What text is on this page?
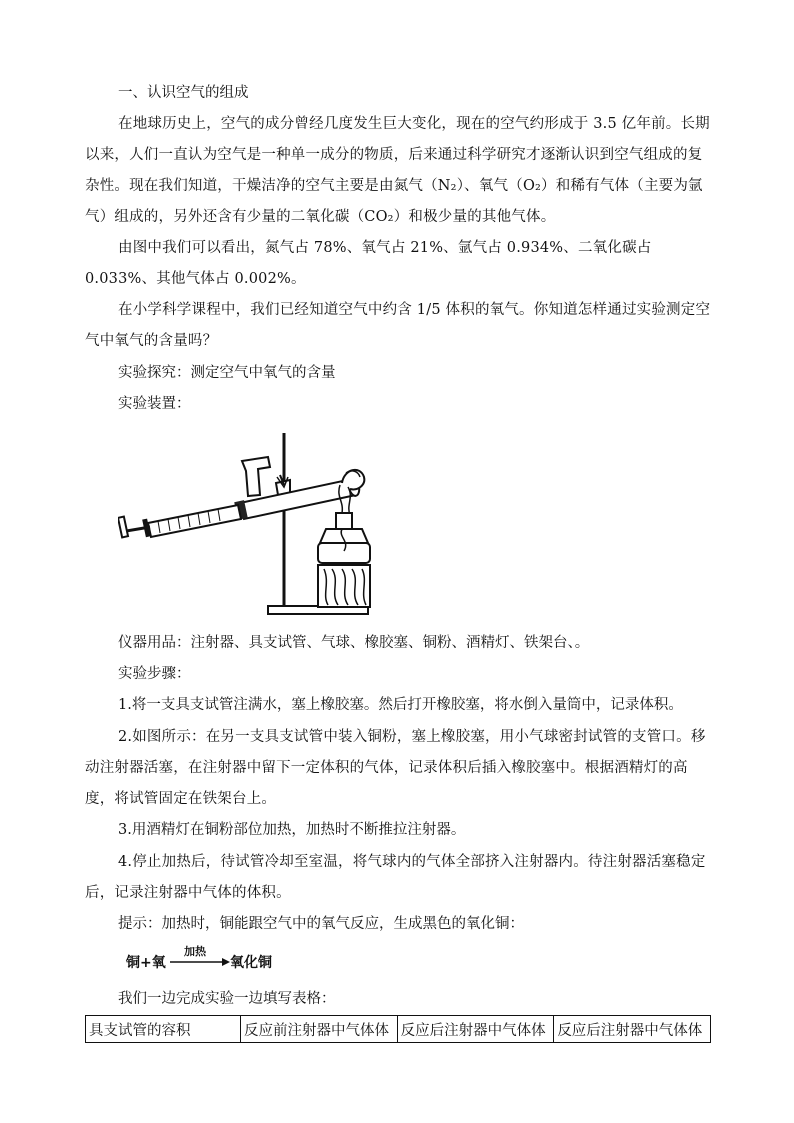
一、认识空气的组成

在地球历史上，空气的成分曾经几度发生巨大变化，现在的空气约形成于 3.5 亿年前。长期以来，人们一直认为空气是一种单一成分的物质，后来通过科学研究才逐渐认识到空气组成的复杂性。现在我们知道，干燥洁净的空气主要是由氮气（N₂）、氧气（O₂）和稀有气体（主要为氩气）组成的，另外还含有少量的二氧化碳（CO₂）和极少量的其他气体。

由图中我们可以看出，氮气占 78%、氧气占 21%、氩气占 0.934%、二氧化碳占 0.033%、其他气体占 0.002%。

在小学科学课程中，我们已经知道空气中约含 1/5 体积的氧气。你知道怎样通过实验测定空气中氧气的含量吗？

实验探究：测定空气中氧气的含量
实验装置：
仪器用品：注射器、具支试管、气球、橡胶塞、铜粉、酒精灯、铁架台、。
实验步骤：
1.将一支具支试管注满水，塞上橡胶塞。然后打开橡胶塞，将水倒入量筒中，记录体积。

2.如图所示：在另一支具支试管中装入铜粉，塞上橡胶塞，用小气球密封试管的支管口。移动注射器活塞，在注射器中留下一定体积的气体，记录体积后插入橡胶塞中。根据酒精灯的高度，将试管固定在铁架台上。

3.用酒精灯在铜粉部位加热，加热时不断推拉注射器。

4.停止加热后，待试管冷却至室温，将气球内的气体全部挤入注射器内。待注射器活塞稳定后，记录注射器中气体的体积。

提示：加热时，铜能跟空气中的氧气反应，生成黑色的氧化铜：
铜+氧
加热
→ 氧化铜
我们一边完成实验一边填写表格：
具支试管的容积	反应前注射器中气体体	反应后注射器中气体体	反应后注射器中气体体
